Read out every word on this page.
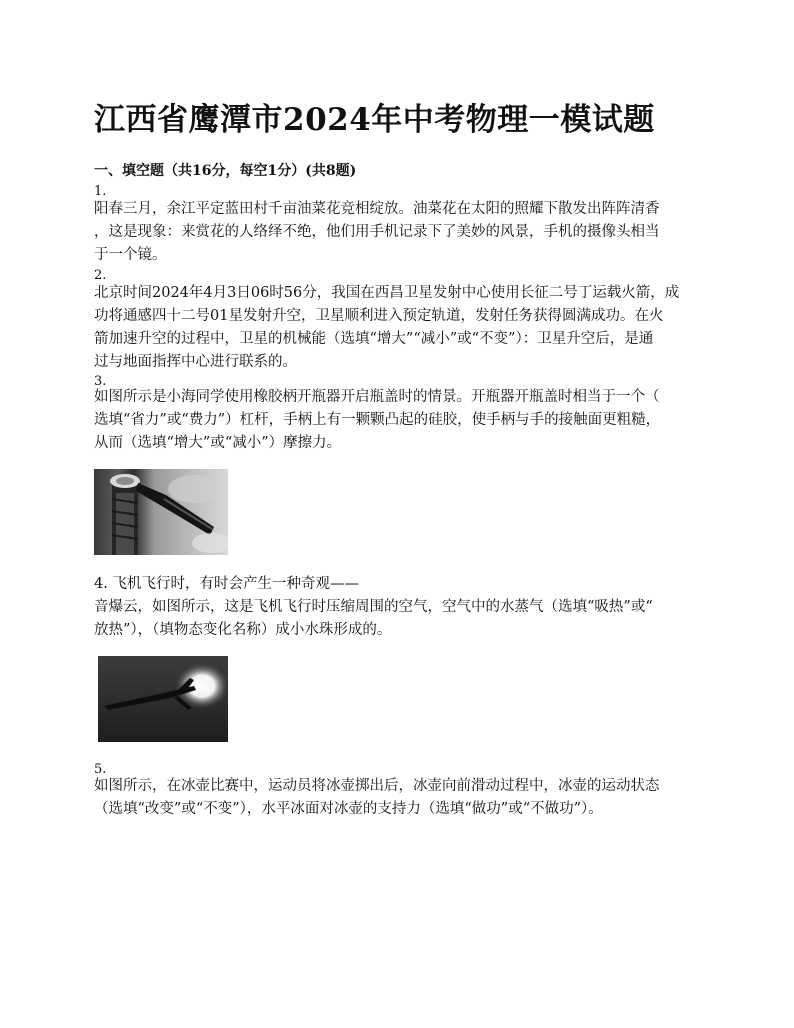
江西省鹰潭市2024年中考物理一模试题
一、填空题（共16分，每空1分）(共8题)
1.
阳春三月，余江平定蓝田村千亩油菜花竞相绽放。油菜花在太阳的照耀下散发出阵阵清香
，这是现象：来赏花的人络绎不绝，他们用手机记录下了美妙的风景，手机的摄像头相当
于一个镜。
2.
北京时间2024年4月3日06时56分，我国在西昌卫星发射中心使用长征二号丁运载火箭，成
功将通感四十二号01星发射升空，卫星顺利进入预定轨道，发射任务获得圆满成功。在火
箭加速升空的过程中，卫星的机械能（选填“增大”“减小”或“不变”）：卫星升空后，是通
过与地面指挥中心进行联系的。
3.
如图所示是小海同学使用橡胶柄开瓶器开启瓶盖时的情景。开瓶器开瓶盖时相当于一个（
选填“省力”或“费力”）杠杆，手柄上有一颗颗凸起的硅胶，使手柄与手的接触面更粗糙，
从而（选填“增大”或“减小”）摩擦力。
4. 飞机飞行时，有时会产生一种奇观——
音爆云，如图所示，这是飞机飞行时压缩周围的空气，空气中的水蒸气（选填“吸热”或“
放热”），（填物态变化名称）成小水珠形成的。
5.
如图所示，在冰壶比赛中，运动员将冰壶掷出后，冰壶向前滑动过程中，冰壶的运动状态
（选填“改变”或“不变”），水平冰面对冰壶的支持力（选填“做功”或“不做功”）。
